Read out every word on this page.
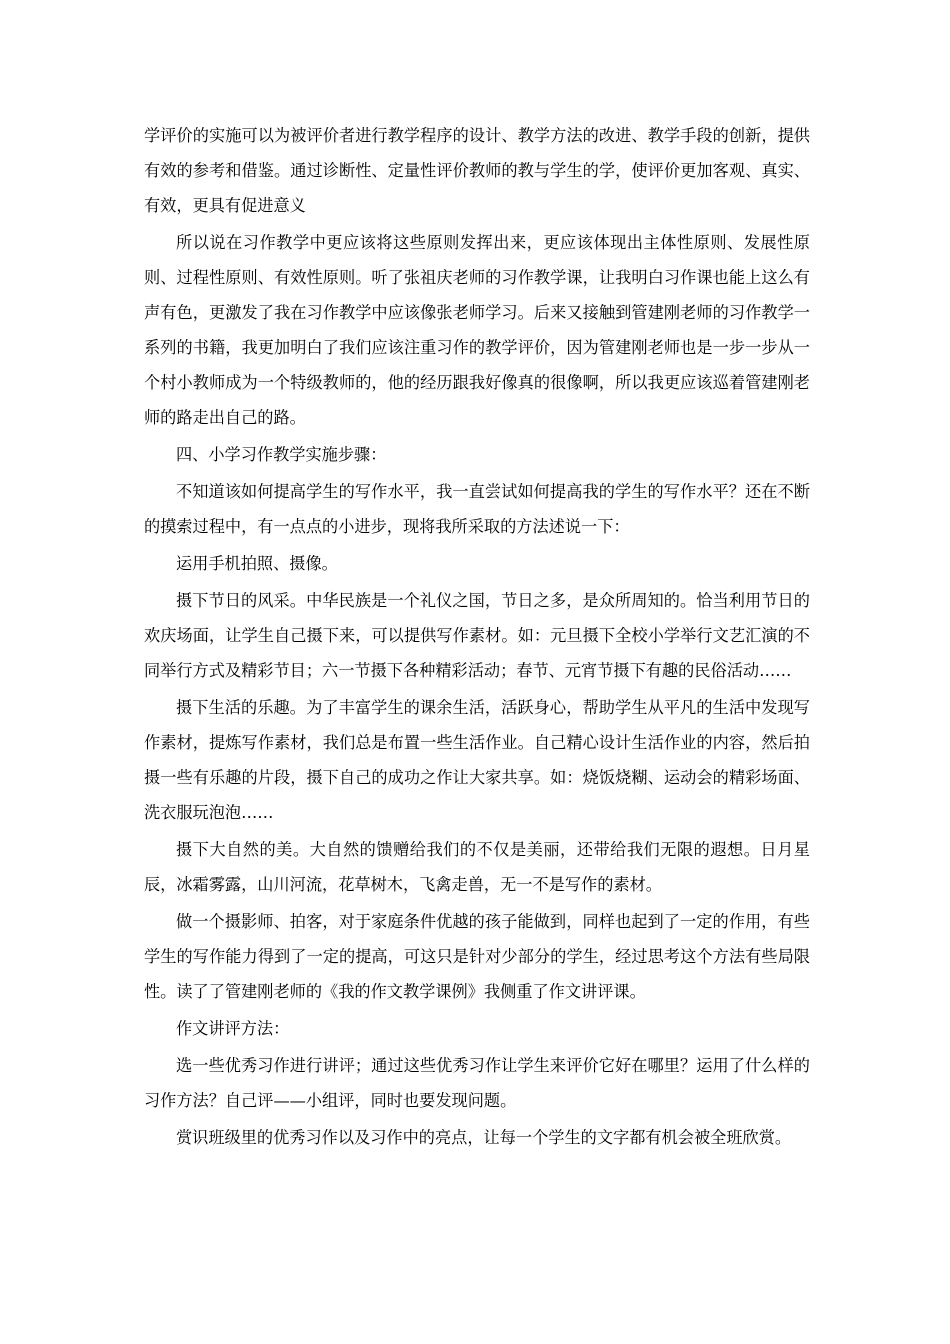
学评价的实施可以为被评价者进行教学程序的设计、教学方法的改进、教学手段的创新，提供有效的参考和借鉴。通过诊断性、定量性评价教师的教与学生的学，使评价更加客观、真实、有效，更具有促进意义

所以说在习作教学中更应该将这些原则发挥出来，更应该体现出主体性原则、发展性原则、过程性原则、有效性原则。听了张祖庆老师的习作教学课，让我明白习作课也能上这么有声有色，更激发了我在习作教学中应该像张老师学习。后来又接触到管建刚老师的习作教学一系列的书籍，我更加明白了我们应该注重习作的教学评价，因为管建刚老师也是一步一步从一个村小教师成为一个特级教师的，他的经历跟我好像真的很像啊，所以我更应该巡着管建刚老师的路走出自己的路。

四、小学习作教学实施步骤：

不知道该如何提高学生的写作水平，我一直尝试如何提高我的学生的写作水平？还在不断的摸索过程中，有一点点的小进步，现将我所采取的方法述说一下：

运用手机拍照、摄像。

摄下节日的风采。中华民族是一个礼仪之国，节日之多，是众所周知的。恰当利用节日的欢庆场面，让学生自己摄下来，可以提供写作素材。如：元旦摄下全校小学举行文艺汇演的不同举行方式及精彩节目；六一节摄下各种精彩活动；春节、元宵节摄下有趣的民俗活动……

摄下生活的乐趣。为了丰富学生的课余生活，活跃身心，帮助学生从平凡的生活中发现写作素材，提炼写作素材，我们总是布置一些生活作业。自己精心设计生活作业的内容，然后拍摄一些有乐趣的片段，摄下自己的成功之作让大家共享。如：烧饭烧糊、运动会的精彩场面、洗衣服玩泡泡……

摄下大自然的美。大自然的馈赠给我们的不仅是美丽，还带给我们无限的遐想。日月星辰，冰霜雾露，山川河流，花草树木，飞禽走兽，无一不是写作的素材。

做一个摄影师、拍客，对于家庭条件优越的孩子能做到，同样也起到了一定的作用，有些学生的写作能力得到了一定的提高，可这只是针对少部分的学生，经过思考这个方法有些局限性。读了了管建刚老师的《我的作文教学课例》我侧重了作文讲评课。

作文讲评方法：

选一些优秀习作进行讲评；通过这些优秀习作让学生来评价它好在哪里？运用了什么样的习作方法？自己评——小组评，同时也要发现问题。

赏识班级里的优秀习作以及习作中的亮点，让每一个学生的文字都有机会被全班欣赏。
